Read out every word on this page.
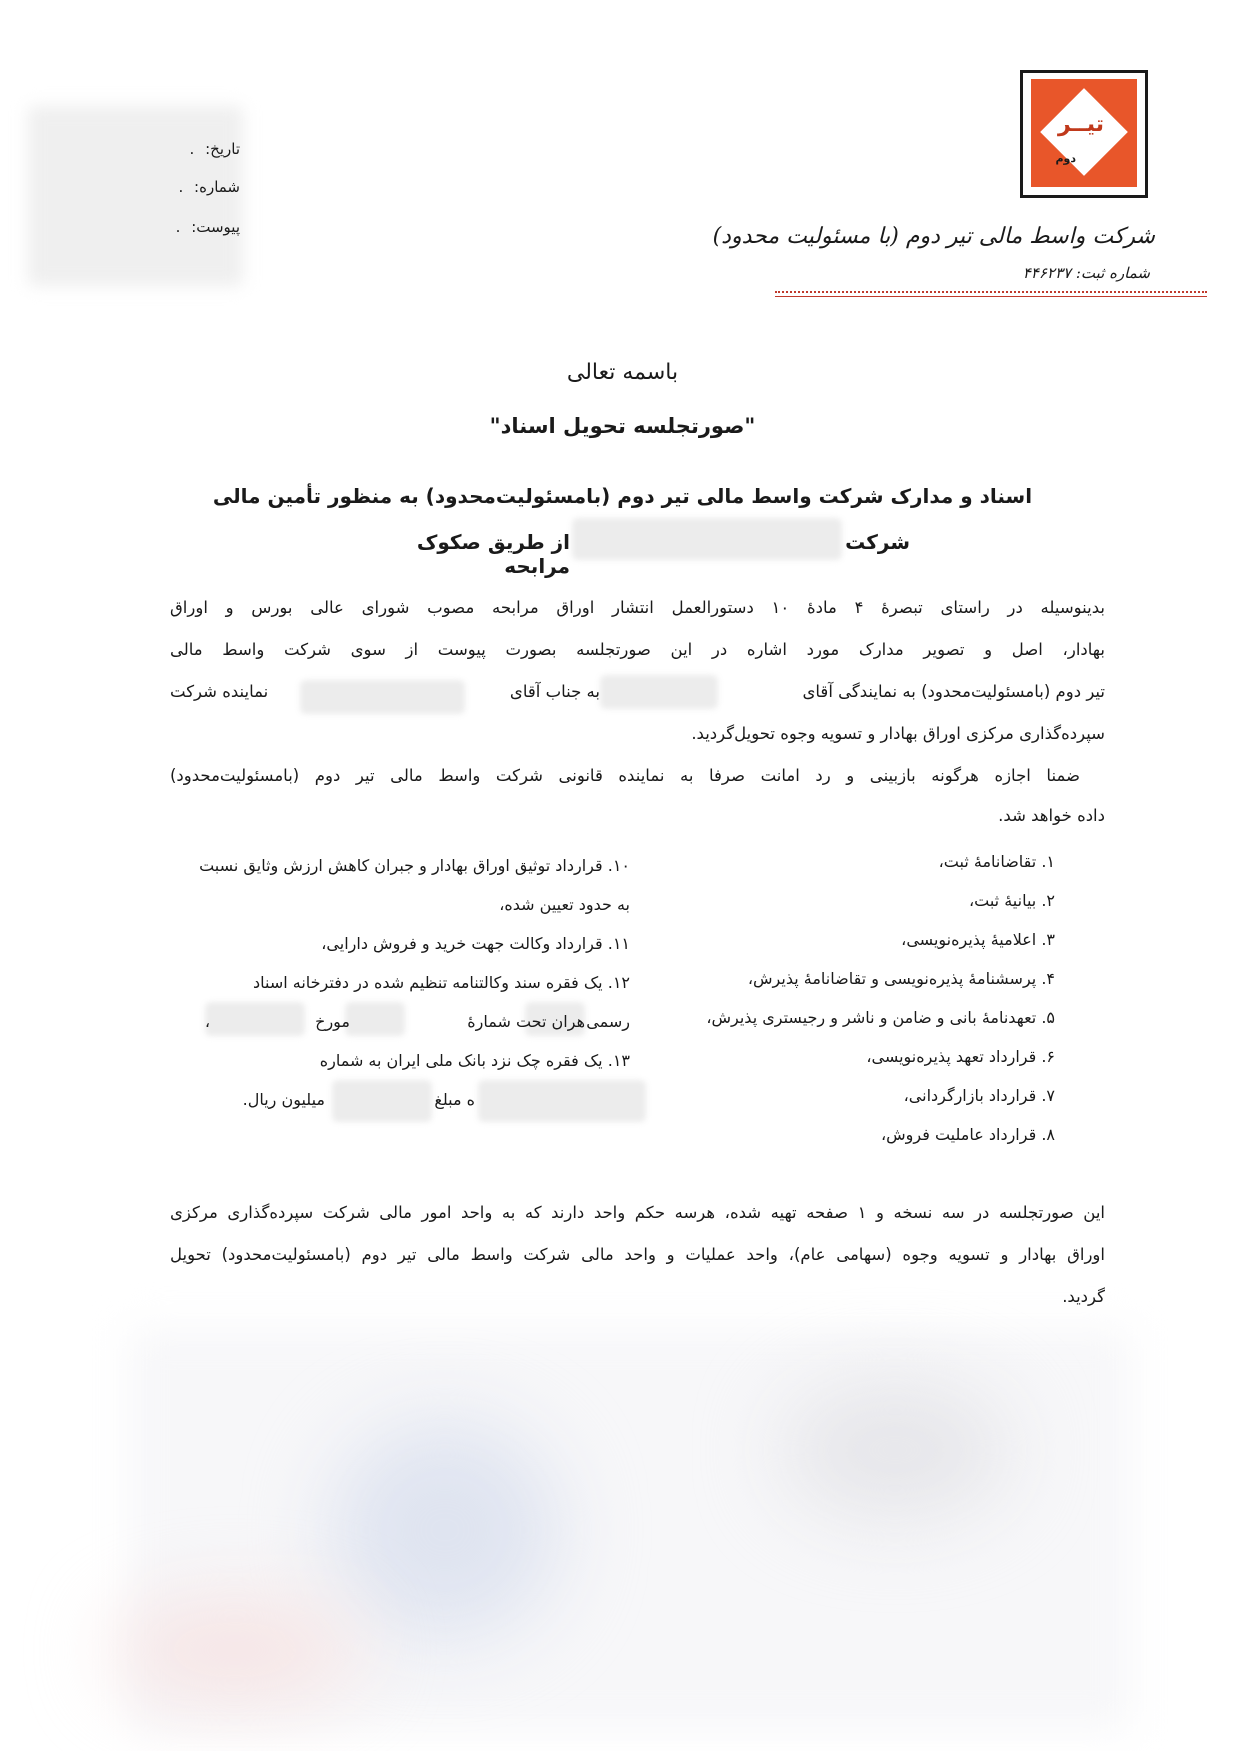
تاریخ: .
شماره: .
پیوست: .
تیــر
دوم
شرکت واسط مالی تیر دوم (با مسئولیت محدود)
شماره ثبت: ۴۴۶۲۳۷
باسمه تعالی
"صورتجلسه تحویل اسناد"
اسناد و مدارک شرکت واسط مالی تیر دوم (بامسئولیت‌محدود) به منظور تأمین مالی
شرکت
از طریق صکوک مرابحه
بدینوسیله در راستای تبصرهٔ ۴ مادهٔ ۱۰ دستورالعمل انتشار اوراق مرابحه مصوب شورای عالی بورس و اوراق
بهادار، اصل و تصویر مدارک مورد اشاره در این صورتجلسه بصورت پیوست از سوی شرکت واسط مالی
تیر دوم (بامسئولیت‌محدود) به نمایندگی آقای
به جناب آقای
نماینده شرکت
سپرده‌گذاری مرکزی اوراق بهادار و تسویه وجوه تحویل‌گردید.
ضمنا اجازه هرگونه بازبینی و رد امانت صرفا به نماینده قانونی شرکت واسط مالی تیر دوم (بامسئولیت‌محدود)
داده خواهد شد.
۱. تقاضانامهٔ ثبت،
۲. بیانیهٔ ثبت،
۳. اعلامیهٔ پذیره‌نویسی،
۴. پرسشنامهٔ پذیره‌نویسی و تقاضانامهٔ پذیرش،
۵. تعهدنامهٔ بانی و ضامن و ناشر و رجیستری پذیرش،
۶. قرارداد تعهد پذیره‌نویسی،
۷. قرارداد بازارگردانی،
۸. قرارداد عاملیت فروش،
۱۰. قرارداد توثیق اوراق بهادار و جبران کاهش ارزش وثایق نسبت
به حدود تعیین شده،
۱۱. قرارداد وکالت جهت خرید و فروش دارایی،
۱۲. یک فقره سند وکالتنامه تنظیم شده در دفترخانه اسناد
رسمی
هران تحت شمارهٔ
مورخ
،
۱۳. یک فقره چک نزد بانک ملی ایران به شماره
ه مبلغ
میلیون ریال.
این صورتجلسه در سه نسخه و ۱ صفحه تهیه شده، هرسه حکم واحد دارند که به واحد امور مالی شرکت سپرده‌گذاری مرکزی
اوراق بهادار و تسویه وجوه (سهامی عام)، واحد عملیات و واحد مالی شرکت واسط مالی تیر دوم (بامسئولیت‌محدود) تحویل
گردید.
